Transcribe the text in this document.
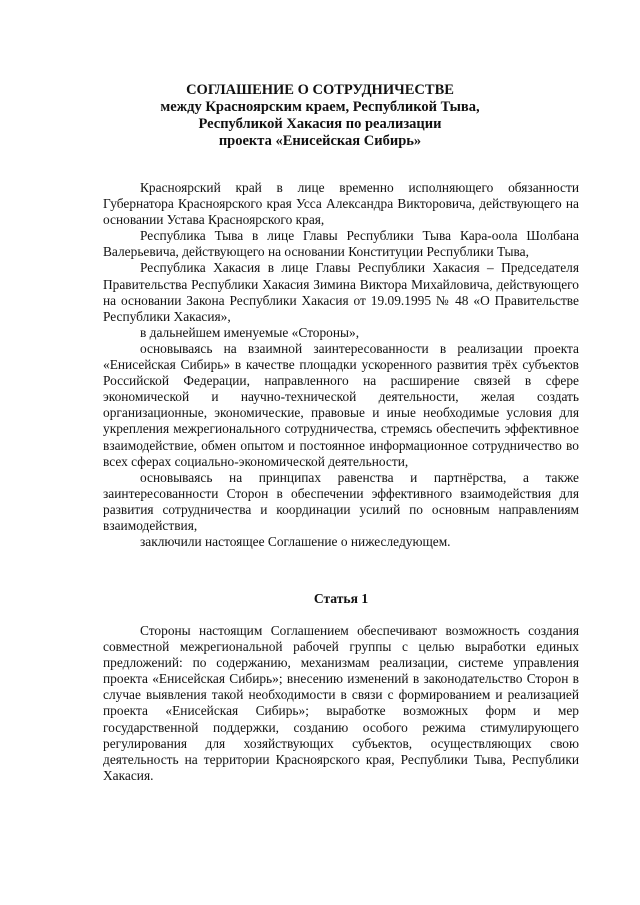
СОГЛАШЕНИЕ О СОТРУДНИЧЕСТВЕ
между Красноярским краем, Республикой Тыва,
Республикой Хакасия по реализации
проекта «Енисейская Сибирь»

Красноярский край в лице временно исполняющего обязанности Губернатора Красноярского края Усса Александра Викторовича, действующего на основании Устава Красноярского края,

Республика Тыва в лице Главы Республики Тыва Кара-оола Шолбана Валерьевича, действующего на основании Конституции Республики Тыва,

Республика Хакасия в лице Главы Республики Хакасия – Председателя Правительства Республики Хакасия Зимина Виктора Михайловича, действующего на основании Закона Республики Хакасия от 19.09.1995 № 48 «О Правительстве Республики Хакасия»,

в дальнейшем именуемые «Стороны»,

основываясь на взаимной заинтересованности в реализации проекта «Енисейская Сибирь» в качестве площадки ускоренного развития трёх субъектов Российской Федерации, направленного на расширение связей в сфере экономической и научно-технической деятельности, желая создать организационные, экономические, правовые и иные необходимые условия для укрепления межрегионального сотрудничества, стремясь обеспечить эффективное взаимодействие, обмен опытом и постоянное информационное сотрудничество во всех сферах социально-экономической деятельности,

основываясь на принципах равенства и партнёрства, а также заинтересованности Сторон в обеспечении эффективного взаимодействия для развития сотрудничества и координации усилий по основным направлениям взаимодействия,

заключили настоящее Соглашение о нижеследующем.

Статья 1

Стороны настоящим Соглашением обеспечивают возможность создания совместной межрегиональной рабочей группы с целью выработки единых предложений: по содержанию, механизмам реализации, системе управления проекта «Енисейская Сибирь»; внесению изменений в законодательство Сторон в случае выявления такой необходимости в связи с формированием и реализацией проекта «Енисейская Сибирь»; выработке возможных форм и мер государственной поддержки, созданию особого режима стимулирующего регулирования для хозяйствующих субъектов, осуществляющих свою деятельность на территории Красноярского края, Республики Тыва, Республики Хакасия.
